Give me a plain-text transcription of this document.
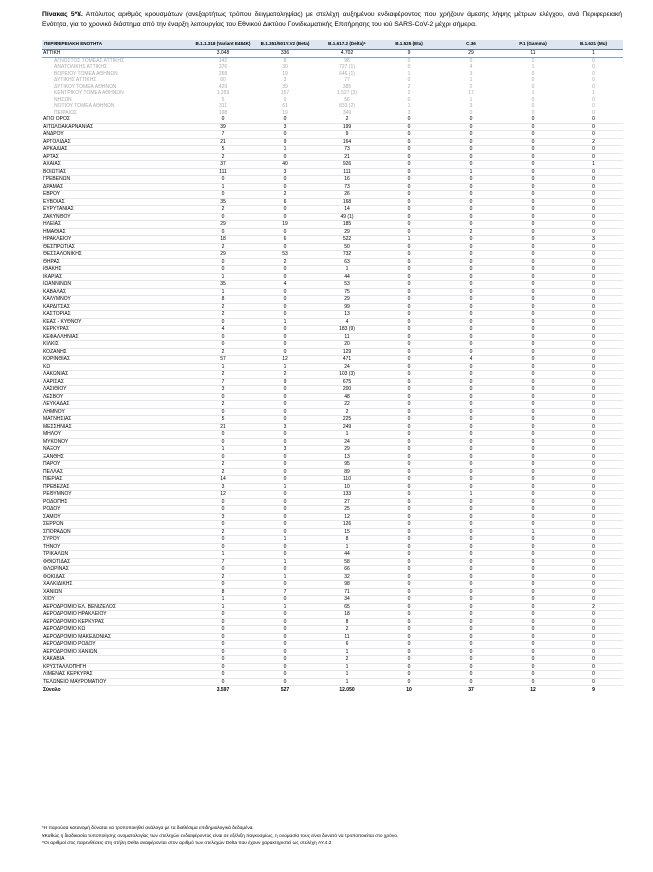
Πίνακας 5*¥. Απόλυτος αριθμός κρουσμάτων (ανεξαρτήτως τρόπου δειγματοληψίας) με στελέχη αυξημένου ενδιαφέροντος που χρήζουν άμεσης λήψης μέτρων ελέγχου, ανά Περιφερειακή Ενότητα, για το χρονικό διάστημα από την έναρξη λειτουργίας του Εθνικού Δικτύου Γονιδιωματικής Επιτήρησης του ιού SARS-CoV-2 μέχρι σήμερα.
ΠΕΡΙΦΕΡΕΙΑΚΗ ΕΝΟΤΗΤΑ	B.1.1.318 (Variant E484K)	B.1.351/501Y.V2 (Beta)	B.1.617.2 (Delta)⁵	B.1.525 (Eta)	C.36	P.1 (Gamma)	B.1.621 (Mu)
ΑΤΤΙΚΗ	3.048	336	4.702	9	29	11	1
ΑΓΝΩΣΤΟΣ ΤΟΜΕΑΣ ΑΤΤΙΚΗΣ	142	8	96	0	0	0	0
ΑΝΑΤΟΛΙΚΗΣ ΑΤΤΙΚΗΣ	376	30	727 (1)	0	4	1	0
ΒΟΡΕΙΟΥ ΤΟΜΕΑ ΑΘΗΝΩΝ	268	19	646 (1)	1	3	0	0
ΔΥΤΙΚΗΣ ΑΤΤΙΚΗΣ	60	3	77	0	1	0	0
ΔΥΤΙΚΟΥ ΤΟΜΕΑ ΑΘΗΝΩΝ	429	39	385	2	2	0	0
ΚΕΝΤΡΙΚΟΥ ΤΟΜΕΑ ΑΘΗΝΩΝ	1.259	157	1.527 (3)	2	17	1	1
ΝΗΣΩΝ	5	0	56	0	1	0	0
ΝΟΤΙΟΥ ΤΟΜΕΑ ΑΘΗΝΩΝ	311	61	833 (2)	1	3	0	0
ΠΕΙΡΑΙΩΣ	198	19	349	3	0	0	0
ΑΓΙΟ ΟΡΟΣ	0	0	2	0	0	0	0
ΑΙΤΩΛΟΑΚΑΡΝΑΝΙΑΣ	39	3	199	0	0	0	0
ΑΝΔΡΟΥ	7	0	9	0	0	0	0
ΑΡΓΟΛΙΔΑΣ	21	9	164	0	0	0	2
ΑΡΚΑΔΙΑΣ	5	1	73	0	0	0	0
ΑΡΤΑΣ	2	0	21	0	0	0	0
ΑΧΑΪΑΣ	37	40	926	0	0	0	1
ΒΟΙΩΤΙΑΣ	111	3	111	0	1	0	0
ΓΡΕΒΕΝΩΝ	0	0	16	0	0	0	0
ΔΡΑΜΑΣ	1	0	73	0	0	0	0
ΕΒΡΟΥ	0	2	26	0	0	0	0
ΕΥΒΟΙΑΣ	35	6	168	0	0	0	0
ΕΥΡΥΤΑΝΙΑΣ	2	0	14	0	0	0	0
ΖΑΚΥΝΘΟΥ	0	0	49 (1)	0	0	0	0
ΗΛΕΙΑΣ	29	19	185	0	0	0	0
ΗΜΑΘΙΑΣ	0	0	29	0	2	0	0
ΗΡΑΚΛΕΙΟΥ	18	6	522	1	0	0	3
ΘΕΣΠΡΩΤΙΑΣ	2	0	50	0	0	0	0
ΘΕΣΣΑΛΟΝΙΚΗΣ	29	53	732	0	0	0	0
ΘΗΡΑΣ	0	2	63	0	0	0	0
ΙΘΑΚΗΣ	0	0	1	0	0	0	0
ΙΚΑΡΙΑΣ	1	0	44	0	0	0	0
ΙΩΑΝΝΙΝΩΝ	35	4	53	0	0	0	0
ΚΑΒΑΛΑΣ	1	0	75	0	0	0	0
ΚΑΛΥΜΝΟΥ	8	0	29	0	0	0	0
ΚΑΡΔΙΤΣΑΣ	2	0	99	0	0	0	0
ΚΑΣΤΟΡΙΑΣ	2	0	13	0	0	0	0
ΚΕΑΣ - ΚΥΘΝΟΥ	0	1	4	0	0	0	0
ΚΕΡΚΥΡΑΣ	4	0	183 (9)	0	0	0	0
ΚΕΦΑΛΛΗΝΙΑΣ	0	0	11	0	0	0	0
ΚΙΛΚΙΣ	0	0	20	0	0	0	0
ΚΟΖΑΝΗΣ	2	0	129	0	0	0	0
ΚΟΡΙΝΘΙΑΣ	57	12	471	0	4	0	0
ΚΩ	1	1	24	0	0	0	0
ΛΑΚΩΝΙΑΣ	2	2	103 (3)	0	0	0	0
ΛΑΡΙΣΑΣ	7	9	675	0	0	0	0
ΛΑΣΙΘΙΟΥ	3	0	200	0	0	0	0
ΛΕΣΒΟΥ	0	0	48	0	0	0	0
ΛΕΥΚΑΔΑΣ	2	0	22	0	0	0	0
ΛΗΜΝΟΥ	0	0	2	0	0	0	0
ΜΑΓΝΗΣΙΑΣ	5	0	225	0	0	0	0
ΜΕΣΣΗΝΙΑΣ	21	3	249	0	0	0	0
ΜΗΛΟΥ	0	0	1	0	0	0	0
ΜΥΚΟΝΟΥ	0	0	24	0	0	0	0
ΝΑΞΟΥ	1	3	29	0	0	0	0
ΞΑΝΘΗΣ	0	0	13	0	0	0	0
ΠΑΡΟΥ	2	0	95	0	0	0	0
ΠΕΛΛΑΣ	2	0	89	0	0	0	0
ΠΙΕΡΙΑΣ	14	0	110	0	0	0	0
ΠΡΕΒΕΖΑΣ	3	1	10	0	0	0	0
ΡΕΘΥΜΝΟΥ	12	0	133	0	1	0	0
ΡΟΔΟΠΗΣ	0	0	27	0	0	0	0
ΡΟΔΟΥ	0	0	25	0	0	0	0
ΣΑΜΟΥ	3	0	12	0	0	0	0
ΣΕΡΡΩΝ	0	0	126	0	0	0	0
ΣΠΟΡΑΔΩΝ	2	0	15	0	0	1	0
ΣΥΡΟΥ	0	1	8	0	0	0	0
ΤΗΝΟΥ	0	0	1	0	0	0	0
ΤΡΙΚΑΛΩΝ	1	0	44	0	0	0	0
ΦΘΙΩΤΙΔΑΣ	7	1	58	0	0	0	0
ΦΛΩΡΙΝΑΣ	0	0	66	0	0	0	0
ΦΩΚΙΔΑΣ	2	1	32	0	0	0	0
ΧΑΛΚΙΔΙΚΗΣ	0	0	98	0	0	0	0
ΧΑΝΙΩΝ	8	7	71	0	0	0	0
ΧΙΟΥ	1	0	34	0	0	0	0
ΑΕΡΟΔΡΟΜΙΟ ΕΛ. ΒΕΝΙΖΕΛΟΣ	1	1	65	0	0	0	2
ΑΕΡΟΔΡΟΜΙΟ ΗΡΑΚΛΕΙΟΥ	0	0	18	0	0	0	0
ΑΕΡΟΔΡΟΜΙΟ ΚΕΡΚΥΡΑΣ	0	0	8	0	0	0	0
ΑΕΡΟΔΡΟΜΙΟ ΚΩ	0	0	2	0	0	0	0
ΑΕΡΟΔΡΟΜΙΟ ΜΑΚΕΔΟΝΙΑΣ	0	0	11	0	0	0	0
ΑΕΡΟΔΡΟΜΙΟ ΡΟΔΟΥ	0	0	6	0	0	0	0
ΑΕΡΟΔΡΟΜΙΟ ΧΑΝΙΩΝ	0	0	1	0	0	0	0
ΚΑΚΑΒΙΑ	0	0	2	0	0	0	0
ΚΡΥΣΤΑΛΛΟΠΗΓΗ	0	0	1	0	0	0	0
ΛΙΜΕΝΑΣ ΚΕΡΚΥΡΑΣ	0	0	1	0	0	0	0
ΤΕΛΩΝΕΙΟ ΜΑΥΡΟΜΑΤΙΟΥ	0	0	1	0	0	0	0
Σύνολο	3.597	527	12.050	10	37	12	9
*Η παρούσα κατανομή δύναται να τροποποιηθεί ανάλογα με τα διαθέσιμα επιδημιολογικά δεδομένα.
¥Καθώς η διαδικασία τυποποίησης ονοματολογίας των στελεχών ενδιαφέροντος είναι σε εξέλιξη παγκοσμίως, η ονομασία τους είναι δυνατό να τροποποιείται στο χρόνο.
⁵Οι αριθμοί στις παρενθέσεις στη στήλη Delta αναφέρονται στον αριθμό των στελεχών Delta που έχουν χαρακτηριστεί ως στελέχη AY.4.2
